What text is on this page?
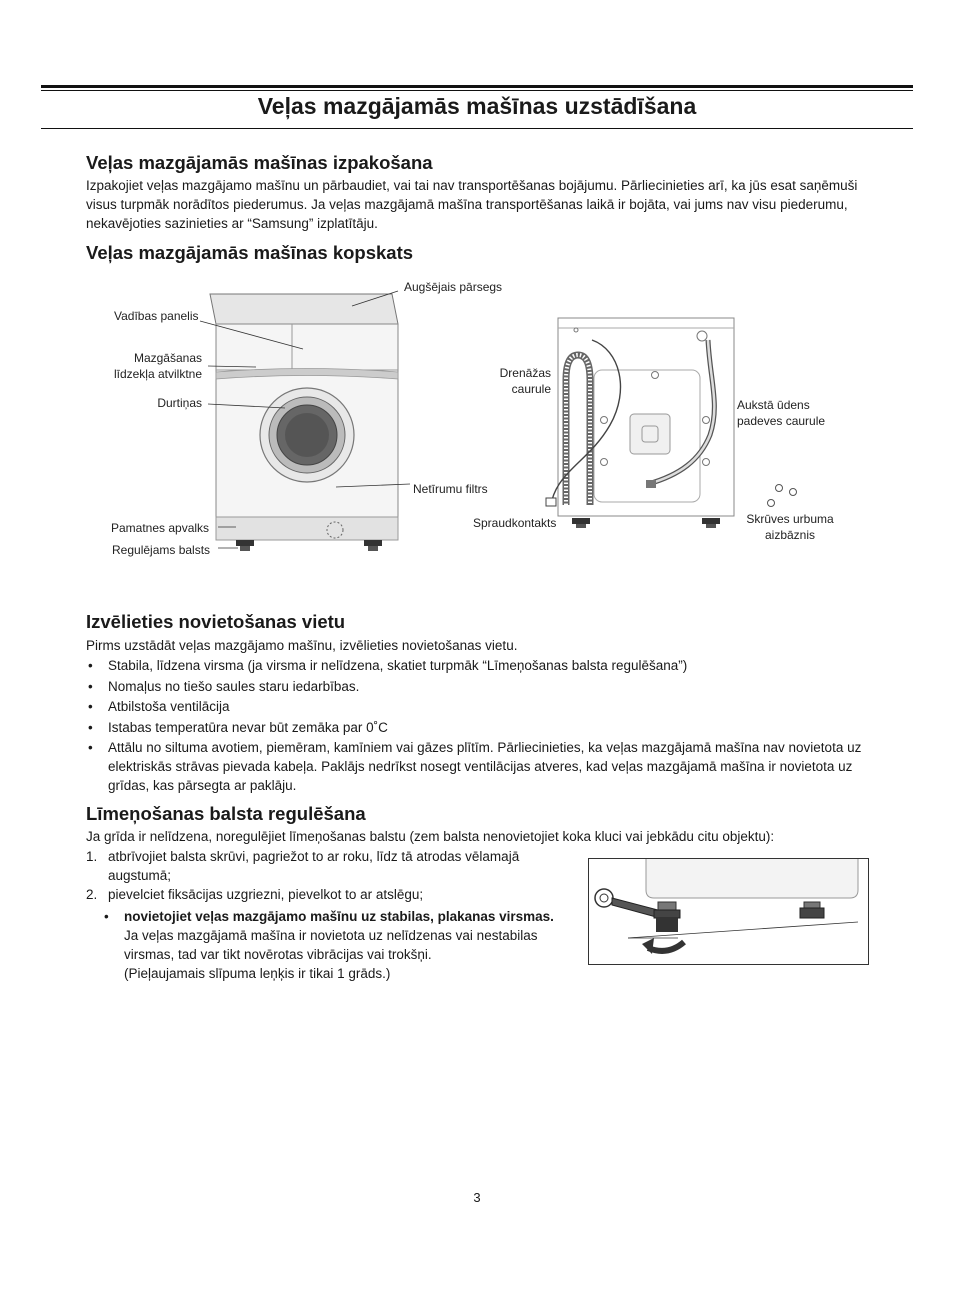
Veļas mazgājamās mašīnas uzstādīšana
Veļas mazgājamās mašīnas izpakošana

Izpakojiet veļas mazgājamo mašīnu un pārbaudiet, vai tai nav transportēšanas bojājumu. Pārliecinieties arī, ka jūs esat saņēmuši visus turpmāk norādītos piederumus. Ja veļas mazgājamā mašīna transportēšanas laikā ir bojāta, vai jums nav visu piederumu, nekavējoties sazinieties ar “Samsung” izplatītāju.

Veļas mazgājamās mašīnas kopskats
Augšējais pārsegs
Vadības panelis
Mazgāšanas
līdzekļa atvilktne
Durtiņas
Netīrumu filtrs
Pamatnes apvalks
Regulējams balsts
Drenāžas
caurule
Aukstā ūdens
padeves caurule
Spraudkontakts	Skrūves urbuma
aizbāznis
Izvēlieties novietošanas vietu

Pirms uzstādāt veļas mazgājamo mašīnu, izvēlieties novietošanas vietu.

• Stabila, līdzena virsma (ja virsma ir nelīdzena, skatiet turpmāk “Līmeņošanas balsta regulēšana”)
• Nomaļus no tiešo saules staru iedarbības.
• Atbilstoša ventilācija
• Istabas temperatūra nevar būt zemāka par 0˚C
• Attālu no siltuma avotiem, piemēram, kamīniem vai gāzes plītīm. Pārliecinieties, ka veļas mazgājamā mašīna nav novietota uz elektriskās strāvas pievada kabeļa. Paklājs nedrīkst nosegt ventilācijas atveres, kad veļas mazgājamā mašīna ir novietota uz grīdas, kas pārsegta ar paklāju.
Līmeņošanas balsta regulēšana

Ja grīda ir nelīdzena, noregulējiet līmeņošanas balstu (zem balsta nenovietojiet koka kluci vai jebkādu citu objektu):

1. atbrīvojiet balsta skrūvi, pagriežot to ar roku, līdz tā atrodas vēlamajā augstumā;
2. pievelciet fiksācijas uzgriezni, pievelkot to ar atslēgu;
•	novietojiet veļas mazgājamo mašīnu uz stabilas, plakanas virsmas.
Ja veļas mazgājamā mašīna ir novietota uz nelīdzenas vai nestabilas virsmas, tad var tikt novērotas vibrācijas vai trokšņi.
(Pieļaujamais slīpuma leņķis ir tikai 1 grāds.)
3
